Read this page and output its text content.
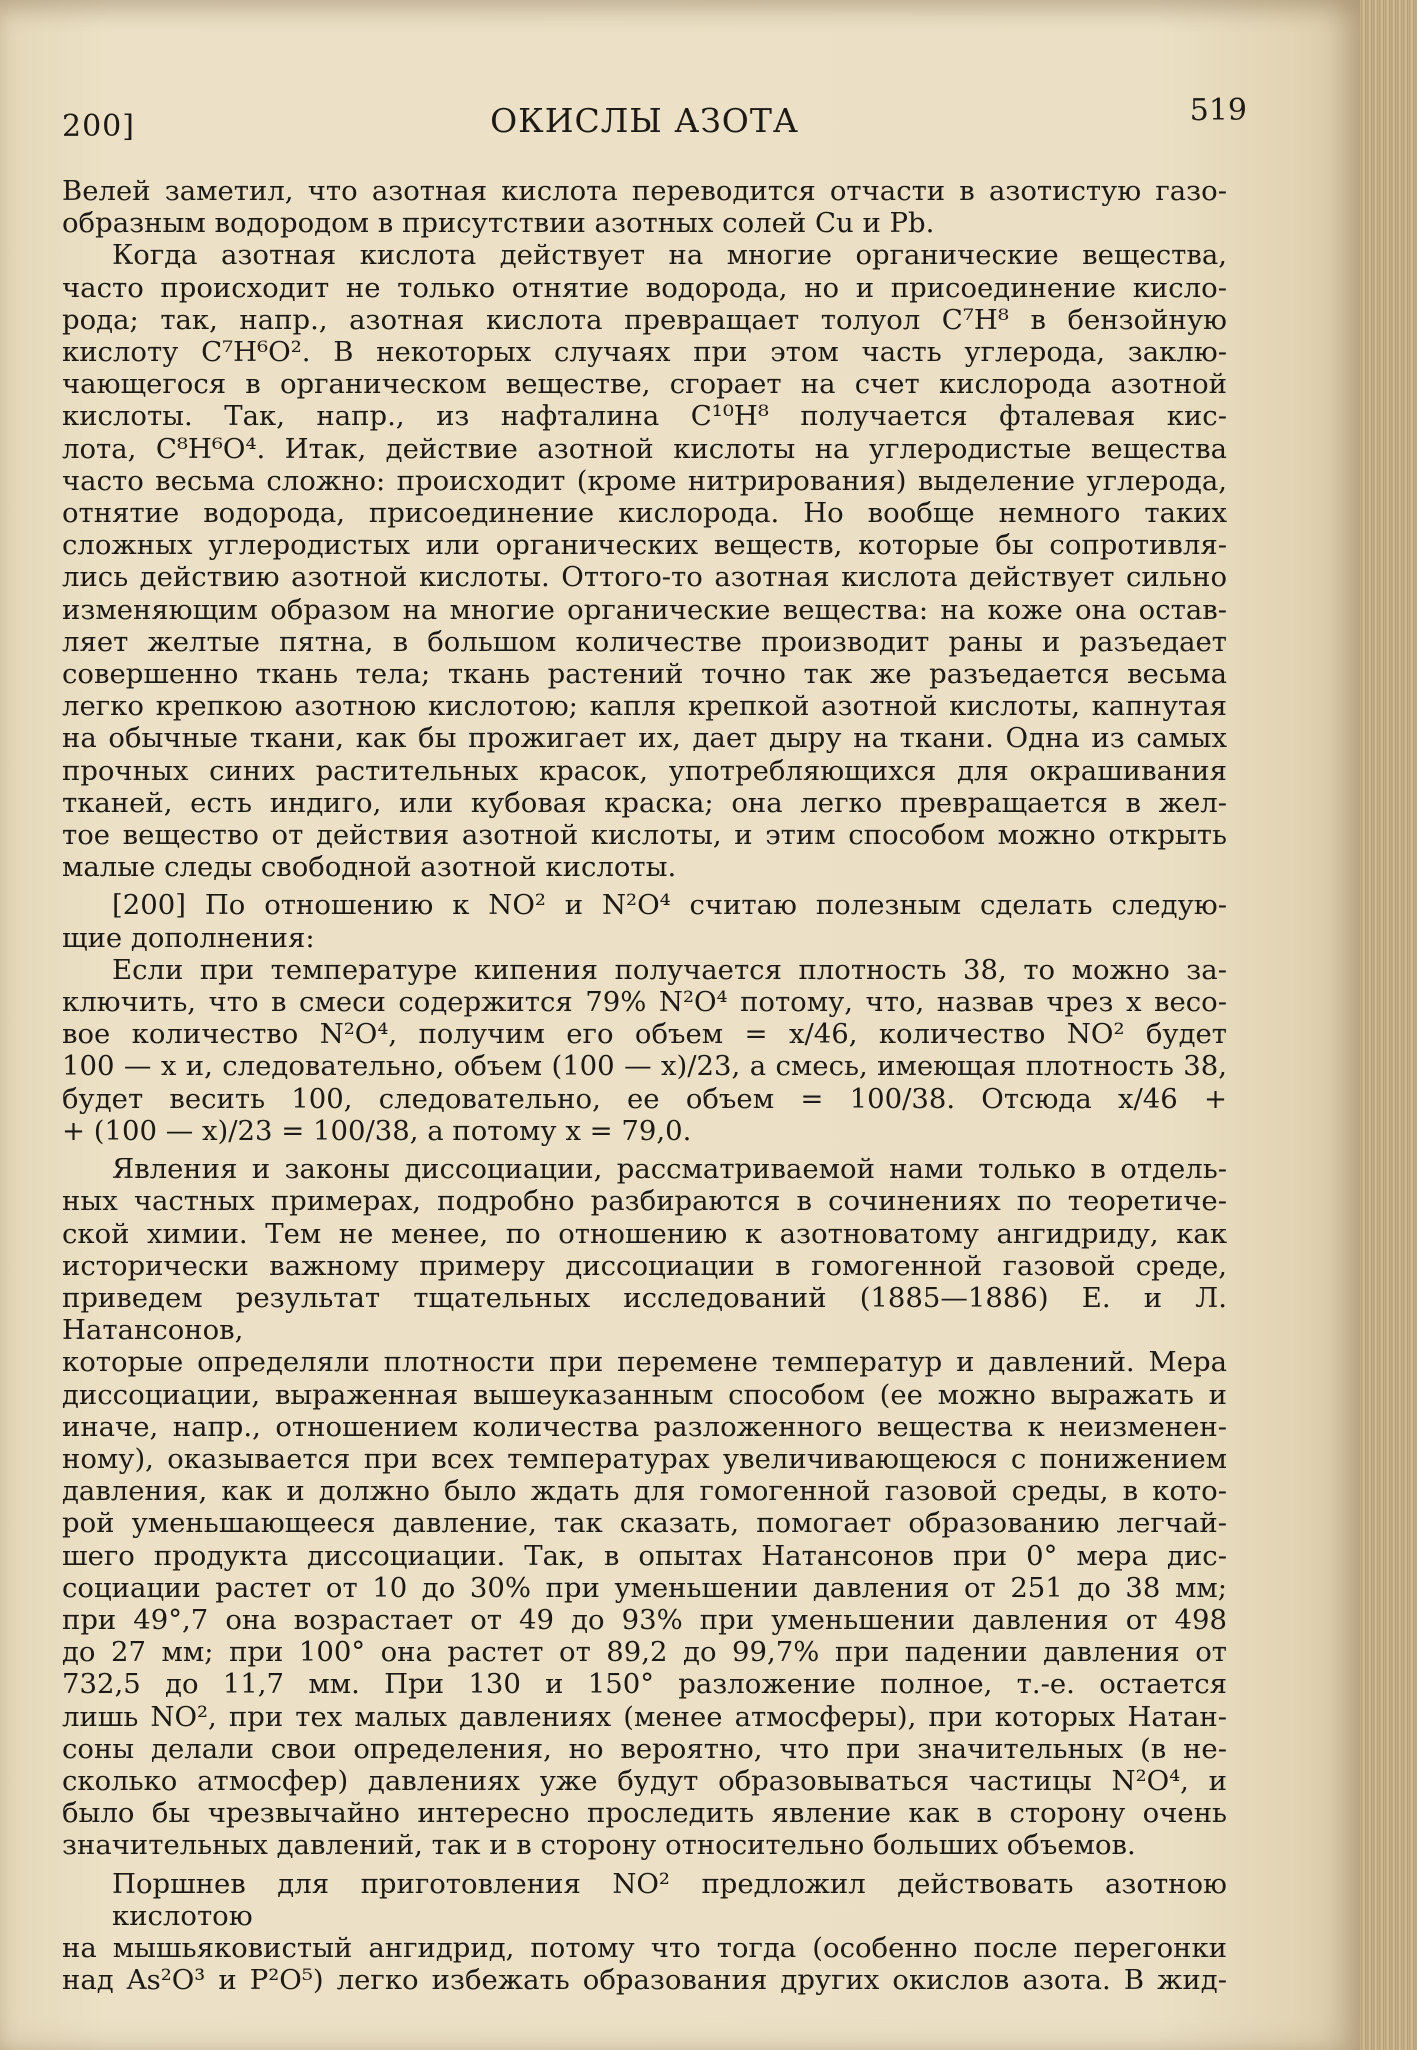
200]	ОКИСЛЫ АЗОТА	519
Велей заметил, что азотная кислота переводится отчасти в азотистую газо-
образным водородом в присутствии азотных солей Cu и Pb.
Когда азотная кислота действует на многие органические вещества,
часто происходит не только отнятие водорода, но и присоединение кисло-
рода; так, напр., азотная кислота превращает толуол C⁷H⁸ в бензойную
кислоту C⁷H⁶O². В некоторых случаях при этом часть углерода, заклю-
чающегося в органическом веществе, сгорает на счет кислорода азотной
кислоты. Так, напр., из нафталина C¹⁰H⁸ получается фталевая кис-
лота, C⁸H⁶O⁴. Итак, действие азотной кислоты на углеродистые вещества
часто весьма сложно: происходит (кроме нитрирования) выделение углерода,
отнятие водорода, присоединение кислорода. Но вообще немного таких
сложных углеродистых или органических веществ, которые бы сопротивля-
лись действию азотной кислоты. Оттого-то азотная кислота действует сильно
изменяющим образом на многие органические вещества: на коже она остав-
ляет желтые пятна, в большом количестве производит раны и разъедает
совершенно ткань тела; ткань растений точно так же разъедается весьма
легко крепкою азотною кислотою; капля крепкой азотной кислоты, капнутая
на обычные ткани, как бы прожигает их, дает дыру на ткани. Одна из самых
прочных синих растительных красок, употребляющихся для окрашивания
тканей, есть индиго, или кубовая краска; она легко превращается в жел-
тое вещество от действия азотной кислоты, и этим способом можно открыть
малые следы свободной азотной кислоты.
[200] По отношению к NO² и N²O⁴ считаю полезным сделать следую-
щие дополнения:
Если при температуре кипения получается плотность 38, то можно за-
ключить, что в смеси содержится 79% N²O⁴ потому, что, назвав чрез x весо-
вое количество N²O⁴, получим его объем = x/46, количество NO² будет
100 — x и, следовательно, объем (100 — x)/23, а смесь, имеющая плотность 38,
будет весить 100, следовательно, ее объем = 100/38. Отсюда x/46 +
+ (100 — x)/23 = 100/38, а потому x = 79,0.
Явления и законы диссоциации, рассматриваемой нами только в отдель-
ных частных примерах, подробно разбираются в сочинениях по теоретиче-
ской химии. Тем не менее, по отношению к азотноватому ангидриду, как
исторически важному примеру диссоциации в гомогенной газовой среде,
приведем результат тщательных исследований (1885—1886) Е. и Л. Натансонов,
которые определяли плотности при перемене температур и давлений. Мера
диссоциации, выраженная вышеуказанным способом (ее можно выражать и
иначе, напр., отношением количества разложенного вещества к неизменен-
ному), оказывается при всех температурах увеличивающеюся с понижением
давления, как и должно было ждать для гомогенной газовой среды, в кото-
рой уменьшающееся давление, так сказать, помогает образованию легчай-
шего продукта диссоциации. Так, в опытах Натансонов при 0° мера дис-
социации растет от 10 до 30% при уменьшении давления от 251 до 38 мм;
при 49°,7 она возрастает от 49 до 93% при уменьшении давления от 498
до 27 мм; при 100° она растет от 89,2 до 99,7% при падении давления от
732,5 до 11,7 мм. При 130 и 150° разложение полное, т.-е. остается
лишь NO², при тех малых давлениях (менее атмосферы), при которых Натан-
соны делали свои определения, но вероятно, что при значительных (в не-
сколько атмосфер) давлениях уже будут образовываться частицы N²O⁴, и
было бы чрезвычайно интересно проследить явление как в сторону очень
значительных давлений, так и в сторону относительно больших объемов.
Поршнев для приготовления NO² предложил действовать азотною кислотою
на мышьяковистый ангидрид, потому что тогда (особенно после перегонки
над As²O³ и P²O⁵) легко избежать образования других окислов азота. В жид-
